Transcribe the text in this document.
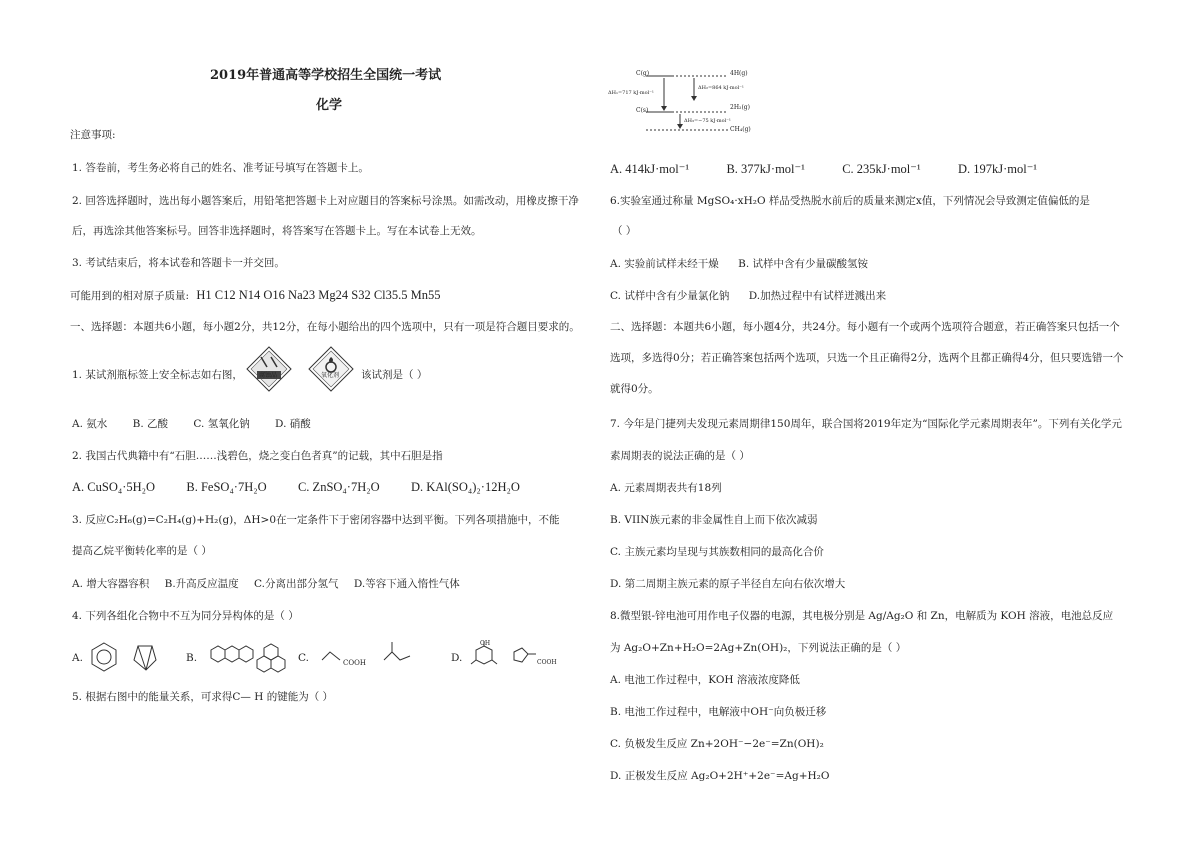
2019年普通高等学校招生全国统一考试
化学
注意事项:
1. 答卷前，考生务必将自己的姓名、准考证号填写在答题卡上。
2. 回答选择题时，选出每小题答案后，用铅笔把答题卡上对应题目的答案标号涂黑。如需改动，用橡皮擦干净
后，再选涂其他答案标号。回答非选择题时，将答案写在答题卡上。写在本试卷上无效。
3. 考试结束后，将本试卷和答题卡一并交回。
可能用到的相对原子质量: H1 C12 N14 O16 Na23 Mg24 S32 Cl35.5 Mn55
一、选择题：本题共6小题，每小题2分，共12分，在每小题给出的四个选项中，只有一项是符合题目要求的。
1. 某试剂瓶标签上安全标志如右图，	腐蚀品	氧化剂 该试剂是（ ）
A. 氨水 B. 乙酸 C. 氢氧化钠 D. 硝酸
2. 我国古代典籍中有“石胆……浅碧色，烧之变白色者真”的记载，其中石胆是指
A. CuSO₄·5H₂O	B. FeSO₄·7H₂O	C. ZnSO₄·7H₂O	D. KAl(SO₄)₂·12H₂O
3. 反应C₂H₆(g)=C₂H₄(g)+H₂(g)，ΔH>0在一定条件下于密闭容器中达到平衡。下列各项措施中，不能
提高乙烷平衡转化率的是（ ）
A. 增大容器容积 B.升高反应温度 C.分离出部分氢气 D.等容下通入惰性气体
4. 下列各组化合物中不互为同分异构体的是（ ）
A.	B.	C.	COOH	D.
OH
COOH
5. 根据右图中的能量关系，可求得C— H 的键能为（ ）
C(g)	4H(g)
C(s)	2H₂(g)
CH₄(g)
ΔH₁=717 kJ·mol⁻¹
ΔH₂=864 kJ·mol⁻¹
ΔH₃=−75 kJ·mol⁻¹
A. 414kJ·mol⁻¹	B. 377kJ·mol⁻¹	C. 235kJ·mol⁻¹	D. 197kJ·mol⁻¹
6.实验室通过称量 MgSO₄·xH₂O 样品受热脱水前后的质量来测定x值，下列情况会导致测定值偏低的是
（ ）
A. 实验前试样未经干燥 B. 试样中含有少量碳酸氢铵
C. 试样中含有少量氯化钠 D.加热过程中有试样迸溅出来
二、选择题：本题共6小题，每小题4分，共24分。每小题有一个或两个选项符合题意，若正确答案只包括一个
选项，多选得0分；若正确答案包括两个选项，只选一个且正确得2分，选两个且都正确得4分，但只要选错一个
就得0分。
7. 今年是门捷列夫发现元素周期律150周年，联合国将2019年定为“国际化学元素周期表年”。下列有关化学元
素周期表的说法正确的是（ ）
A. 元素周期表共有18列
B. VIIN族元素的非金属性自上而下依次减弱
C. 主族元素均呈现与其族数相同的最高化合价
D. 第二周期主族元素的原子半径自左向右依次增大
8.微型银-锌电池可用作电子仪器的电源，其电极分别是 Ag/Ag₂O 和 Zn，电解质为 KOH 溶液，电池总反应
为 Ag₂O+Zn+H₂O=2Ag+Zn(OH)₂，下列说法正确的是（ ）
A. 电池工作过程中，KOH 溶液浓度降低
B. 电池工作过程中，电解液中OH⁻向负极迁移
C. 负极发生反应 Zn+2OH⁻−2e⁻=Zn(OH)₂
D. 正极发生反应 Ag₂O+2H⁺+2e⁻=Ag+H₂O
